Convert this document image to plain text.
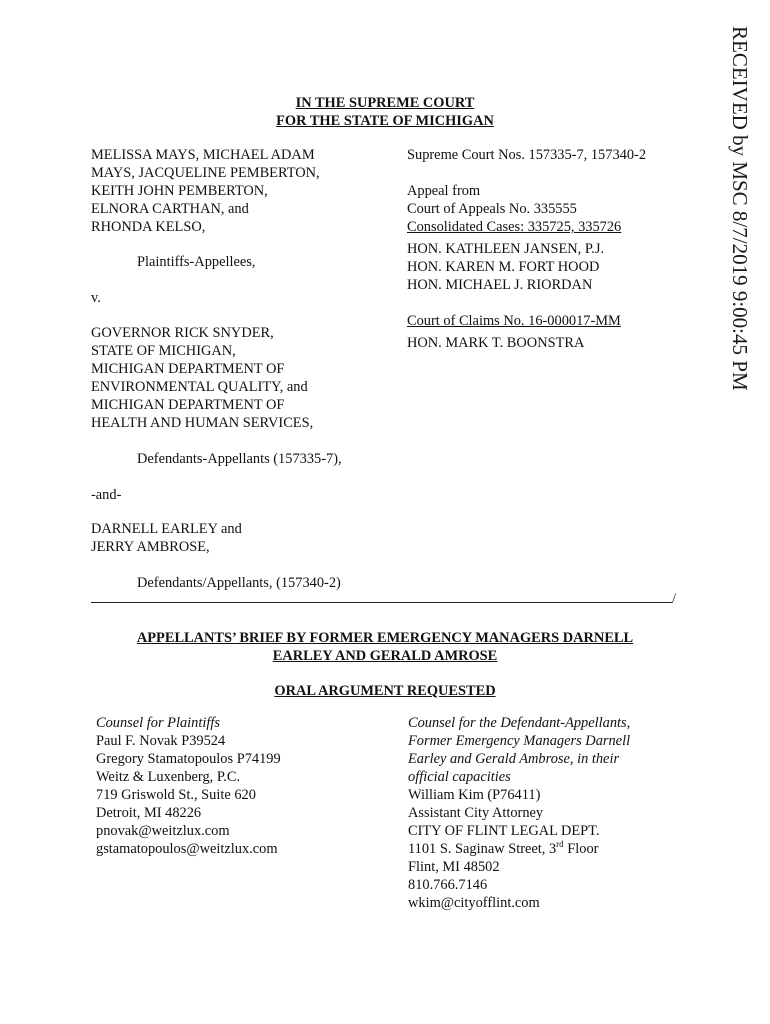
RECEIVED by MSC 8/7/2019 9:00:45 PM
IN THE SUPREME COURT
FOR THE STATE OF MICHIGAN
MELISSA MAYS, MICHAEL ADAM
MAYS, JACQUELINE PEMBERTON,
KEITH JOHN PEMBERTON,
ELNORA CARTHAN, and
RHONDA KELSO,
Plaintiffs-Appellees,
v.
GOVERNOR RICK SNYDER,
STATE OF MICHIGAN,
MICHIGAN DEPARTMENT OF
ENVIRONMENTAL QUALITY, and
MICHIGAN DEPARTMENT OF
HEALTH AND HUMAN SERVICES,
Defendants-Appellants (157335-7),
-and-
DARNELL EARLEY and
JERRY AMBROSE,
Defendants/Appellants, (157340-2)
/
Supreme Court Nos. 157335-7, 157340-2
Appeal from
Court of Appeals No. 335555
Consolidated Cases: 335725, 335726
HON. KATHLEEN JANSEN, P.J.
HON. KAREN M. FORT HOOD
HON. MICHAEL J. RIORDAN
Court of Claims No. 16-000017-MM
HON. MARK T. BOONSTRA
APPELLANTS’ BRIEF BY FORMER EMERGENCY MANAGERS DARNELL
EARLEY AND GERALD AMROSE
ORAL ARGUMENT REQUESTED
Counsel for Plaintiffs
Paul F. Novak P39524
Gregory Stamatopoulos P74199
Weitz & Luxenberg, P.C.
719 Griswold St., Suite 620
Detroit, MI 48226
pnovak@weitzlux.com
gstamatopoulos@weitzlux.com
Counsel for the Defendant-Appellants,
Former Emergency Managers Darnell
Earley and Gerald Ambrose, in their
official capacities
William Kim (P76411)
Assistant City Attorney
CITY OF FLINT LEGAL DEPT.
1101 S. Saginaw Street, 3rd Floor
Flint, MI 48502
810.766.7146
wkim@cityofflint.com
